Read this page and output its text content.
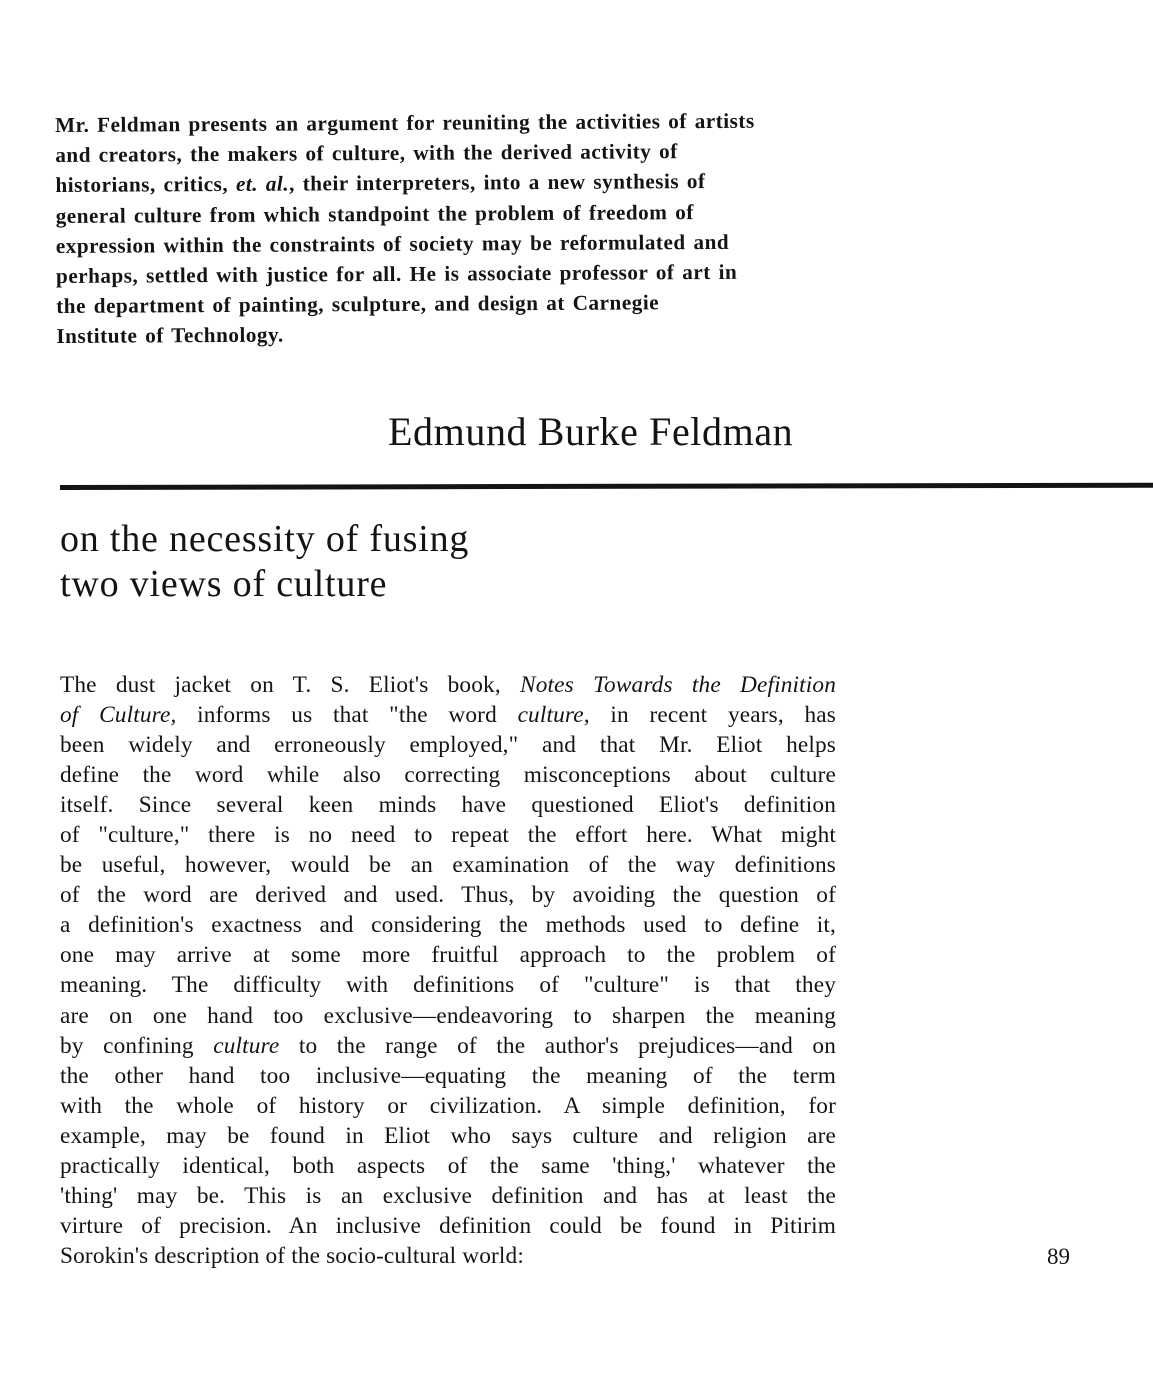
Mr. Feldman presents an argument for reuniting the activities of artists
and creators, the makers of culture, with the derived activity of
historians, critics, et. al., their interpreters, into a new synthesis of
general culture from which standpoint the problem of freedom of
expression within the constraints of society may be reformulated and
perhaps, settled with justice for all. He is associate professor of art in
the department of painting, sculpture, and design at Carnegie
Institute of Technology.
Edmund Burke Feldman
on the necessity of fusing
two views of culture
The dust jacket on T. S. Eliot's book, Notes Towards the Definition
of Culture, informs us that "the word culture, in recent years, has
been widely and erroneously employed," and that Mr. Eliot helps
define the word while also correcting misconceptions about culture
itself. Since several keen minds have questioned Eliot's definition
of "culture," there is no need to repeat the effort here. What might
be useful, however, would be an examination of the way definitions
of the word are derived and used. Thus, by avoiding the question of
a definition's exactness and considering the methods used to define it,
one may arrive at some more fruitful approach to the problem of
meaning. The difficulty with definitions of "culture" is that they
are on one hand too exclusive—endeavoring to sharpen the meaning
by confining culture to the range of the author's prejudices—and on
the other hand too inclusive—equating the meaning of the term
with the whole of history or civilization. A simple definition, for
example, may be found in Eliot who says culture and religion are
practically identical, both aspects of the same 'thing,' whatever the
'thing' may be. This is an exclusive definition and has at least the
virture of precision. An inclusive definition could be found in Pitirim
Sorokin's description of the socio-cultural world:	89
